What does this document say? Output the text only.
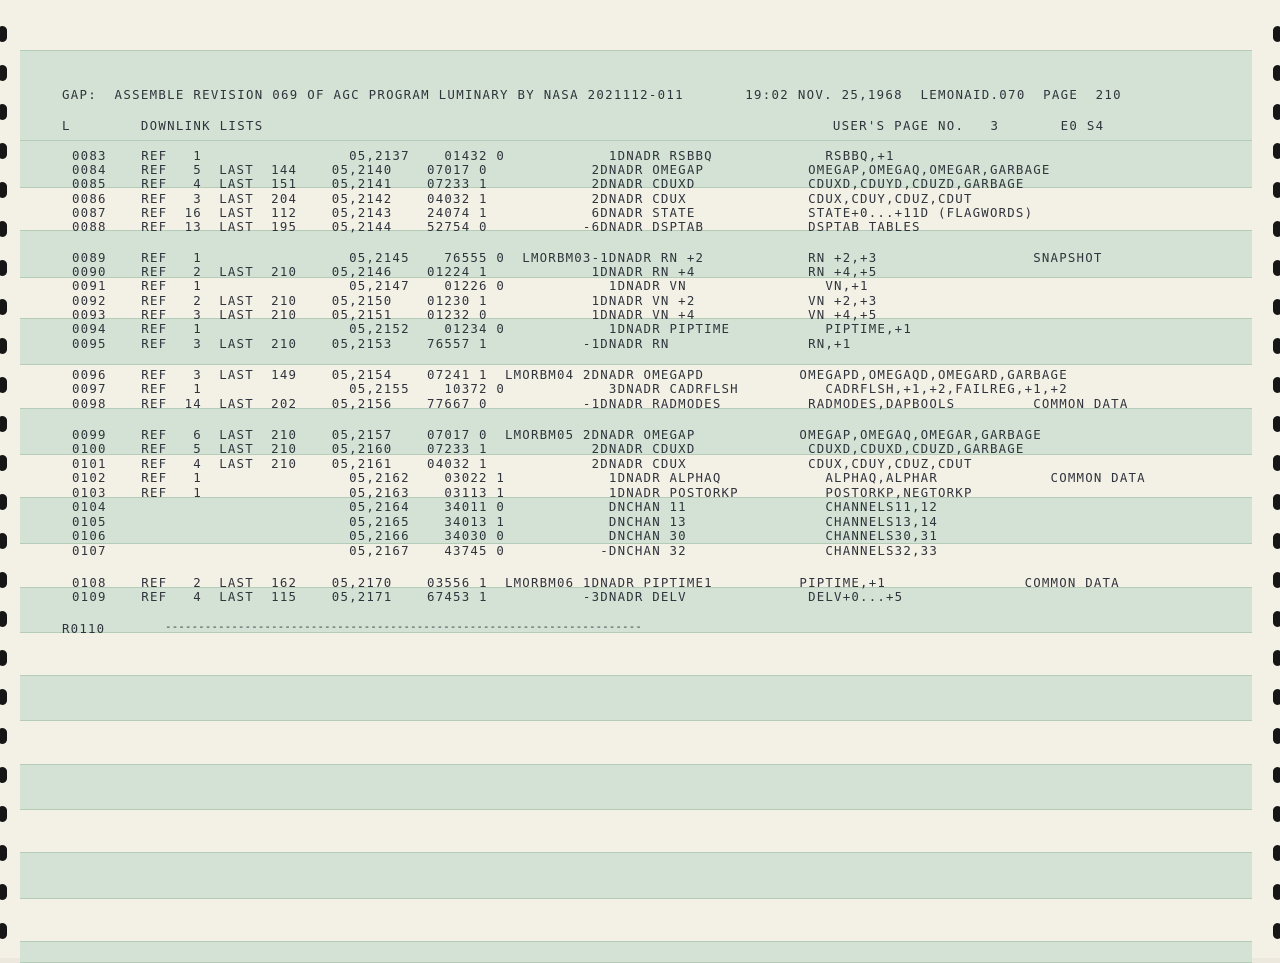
GAP:  ASSEMBLE REVISION 069 OF AGC PROGRAM LUMINARY BY NASA 2021112-011       19:02 NOV. 25,1968  LEMONAID.070  PAGE  210
L        DOWNLINK LISTS                                                                 USER'S PAGE NO.   3       E0 S4
0083    REF   1                 05,2137    01432 0            1DNADR RSBBQ             RSBBQ,+1
0084    REF   5  LAST  144    05,2140    07017 0            2DNADR OMEGAP            OMEGAP,OMEGAQ,OMEGAR,GARBAGE
0085    REF   4  LAST  151    05,2141    07233 1            2DNADR CDUXD             CDUXD,CDUYD,CDUZD,GARBAGE
0086    REF   3  LAST  204    05,2142    04032 1            2DNADR CDUX              CDUX,CDUY,CDUZ,CDUT
0087    REF  16  LAST  112    05,2143    24074 1            6DNADR STATE             STATE+0...+11D (FLAGWORDS)
0088    REF  13  LAST  195    05,2144    52754 0           -6DNADR DSPTAB            DSPTAB TABLES
0089    REF   1                 05,2145    76555 0  LMORBM03-1DNADR RN +2            RN +2,+3                  SNAPSHOT
0090    REF   2  LAST  210    05,2146    01224 1            1DNADR RN +4             RN +4,+5
0091    REF   1                 05,2147    01226 0            1DNADR VN                VN,+1
0092    REF   2  LAST  210    05,2150    01230 1            1DNADR VN +2             VN +2,+3
0093    REF   3  LAST  210    05,2151    01232 0            1DNADR VN +4             VN +4,+5
0094    REF   1                 05,2152    01234 0            1DNADR PIPTIME           PIPTIME,+1
0095    REF   3  LAST  210    05,2153    76557 1           -1DNADR RN                RN,+1
0096    REF   3  LAST  149    05,2154    07241 1  LMORBM04 2DNADR OMEGAPD           OMEGAPD,OMEGAQD,OMEGARD,GARBAGE
0097    REF   1                 05,2155    10372 0            3DNADR CADRFLSH          CADRFLSH,+1,+2,FAILREG,+1,+2
0098    REF  14  LAST  202    05,2156    77667 0           -1DNADR RADMODES          RADMODES,DAPBOOLS         COMMON DATA
0099    REF   6  LAST  210    05,2157    07017 0  LMORBM05 2DNADR OMEGAP            OMEGAP,OMEGAQ,OMEGAR,GARBAGE
0100    REF   5  LAST  210    05,2160    07233 1            2DNADR CDUXD             CDUXD,CDUXD,CDUZD,GARBAGE
0101    REF   4  LAST  210    05,2161    04032 1            2DNADR CDUX              CDUX,CDUY,CDUZ,CDUT
0102    REF   1                 05,2162    03022 1            1DNADR ALPHAQ            ALPHAQ,ALPHAR             COMMON DATA
0103    REF   1                 05,2163    03113 1            1DNADR POSTORKP          POSTORKP,NEGTORKP
0104                            05,2164    34011 0            DNCHAN 11                CHANNELS11,12
0105                            05,2165    34013 1            DNCHAN 13                CHANNELS13,14
0106                            05,2166    34030 0            DNCHAN 30                CHANNELS30,31
0107                            05,2167    43745 0           -DNCHAN 32                CHANNELS32,33
0108    REF   2  LAST  162    05,2170    03556 1  LMORBM06 1DNADR PIPTIME1          PIPTIME,+1                COMMON DATA
0109    REF   4  LAST  115    05,2171    67453 1           -3DNADR DELV              DELV+0...+5
R0110	------------------------------------------------------------------------
